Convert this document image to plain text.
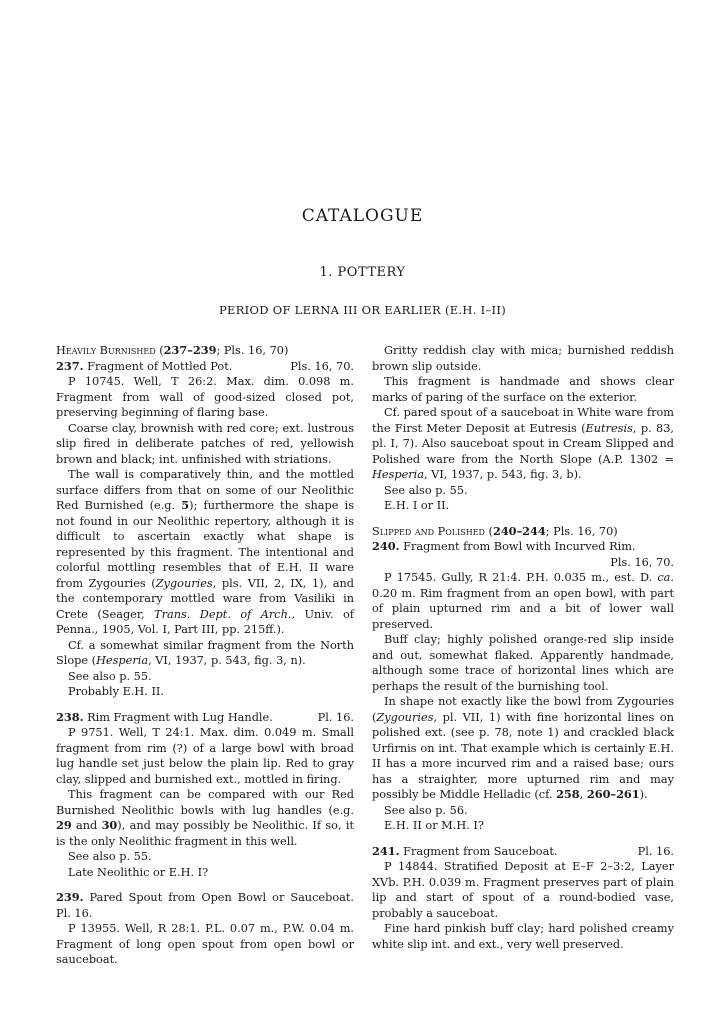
CATALOGUE
1. POTTERY
PERIOD OF LERNA III OR EARLIER (E.H. I–II)

Heavily Burnished (237–239; Pls. 16, 70)

237. Fragment of Mottled Pot.	Pls. 16, 70.

P 10745. Well, T 26:2. Max. dim. 0.098 m. Fragment from wall of good-sized closed pot, preserving beginning of flaring base.

Coarse clay, brownish with red core; ext. lustrous slip fired in deliberate patches of red, yellowish brown and black; int. unfinished with striations.

The wall is comparatively thin, and the mottled surface differs from that on some of our Neolithic Red Burnished (e.g. 5); furthermore the shape is not found in our Neolithic repertory, although it is difficult to ascertain exactly what shape is represented by this fragment. The intentional and colorful mottling resembles that of E.H. II ware from Zygouries (Zygouries, pls. VII, 2, IX, 1), and the contemporary mottled ware from Vasiliki in Crete (Seager, Trans. Dept. of Arch., Univ. of Penna., 1905, Vol. I, Part III, pp. 215ff.).

Cf. a somewhat similar fragment from the North Slope (Hesperia, VI, 1937, p. 543, fig. 3, n).

See also p. 55.

Probably E.H. II.

238. Rim Fragment with Lug Handle.	Pl. 16.

P 9751. Well, T 24:1. Max. dim. 0.049 m. Small fragment from rim (?) of a large bowl with broad lug handle set just below the plain lip. Red to gray clay, slipped and burnished ext., mottled in firing.

This fragment can be compared with our Red Burnished Neolithic bowls with lug handles (e.g. 29 and 30), and may possibly be Neolithic. If so, it is the only Neolithic fragment in this well.

See also p. 55.

Late Neolithic or E.H. I?

239. Pared Spout from Open Bowl or Sauceboat. Pl. 16.

P 13955. Well, R 28:1. P.L. 0.07 m., P.W. 0.04 m. Fragment of long open spout from open bowl or sauceboat.

Gritty reddish clay with mica; burnished reddish brown slip outside.

This fragment is handmade and shows clear marks of paring of the surface on the exterior.

Cf. pared spout of a sauceboat in White ware from the First Meter Deposit at Eutresis (Eutresis, p. 83, pl. I, 7). Also sauceboat spout in Cream Slipped and Polished ware from the North Slope (A.P. 1302 = Hesperia, VI, 1937, p. 543, fig. 3, b).

See also p. 55.

E.H. I or II.

Slipped and Polished (240–244; Pls. 16, 70)

240. Fragment from Bowl with Incurved Rim.

Pls. 16, 70.

P 17545. Gully, R 21:4. P.H. 0.035 m., est. D. ca. 0.20 m. Rim fragment from an open bowl, with part of plain upturned rim and a bit of lower wall preserved.

Buff clay; highly polished orange-red slip inside and out, somewhat flaked. Apparently handmade, although some trace of horizontal lines which are perhaps the result of the burnishing tool.

In shape not exactly like the bowl from Zygouries (Zygouries, pl. VII, 1) with fine horizontal lines on polished ext. (see p. 78, note 1) and crackled black Urfirnis on int. That example which is certainly E.H. II has a more incurved rim and a raised base; ours has a straighter, more upturned rim and may possibly be Middle Helladic (cf. 258, 260–261).

See also p. 56.

E.H. II or M.H. I?

241. Fragment from Sauceboat.	Pl. 16.

P 14844. Stratified Deposit at E–F 2–3:2, Layer XVb. P.H. 0.039 m. Fragment preserves part of plain lip and start of spout of a round-bodied vase, probably a sauceboat.

Fine hard pinkish buff clay; hard polished creamy white slip int. and ext., very well preserved.
